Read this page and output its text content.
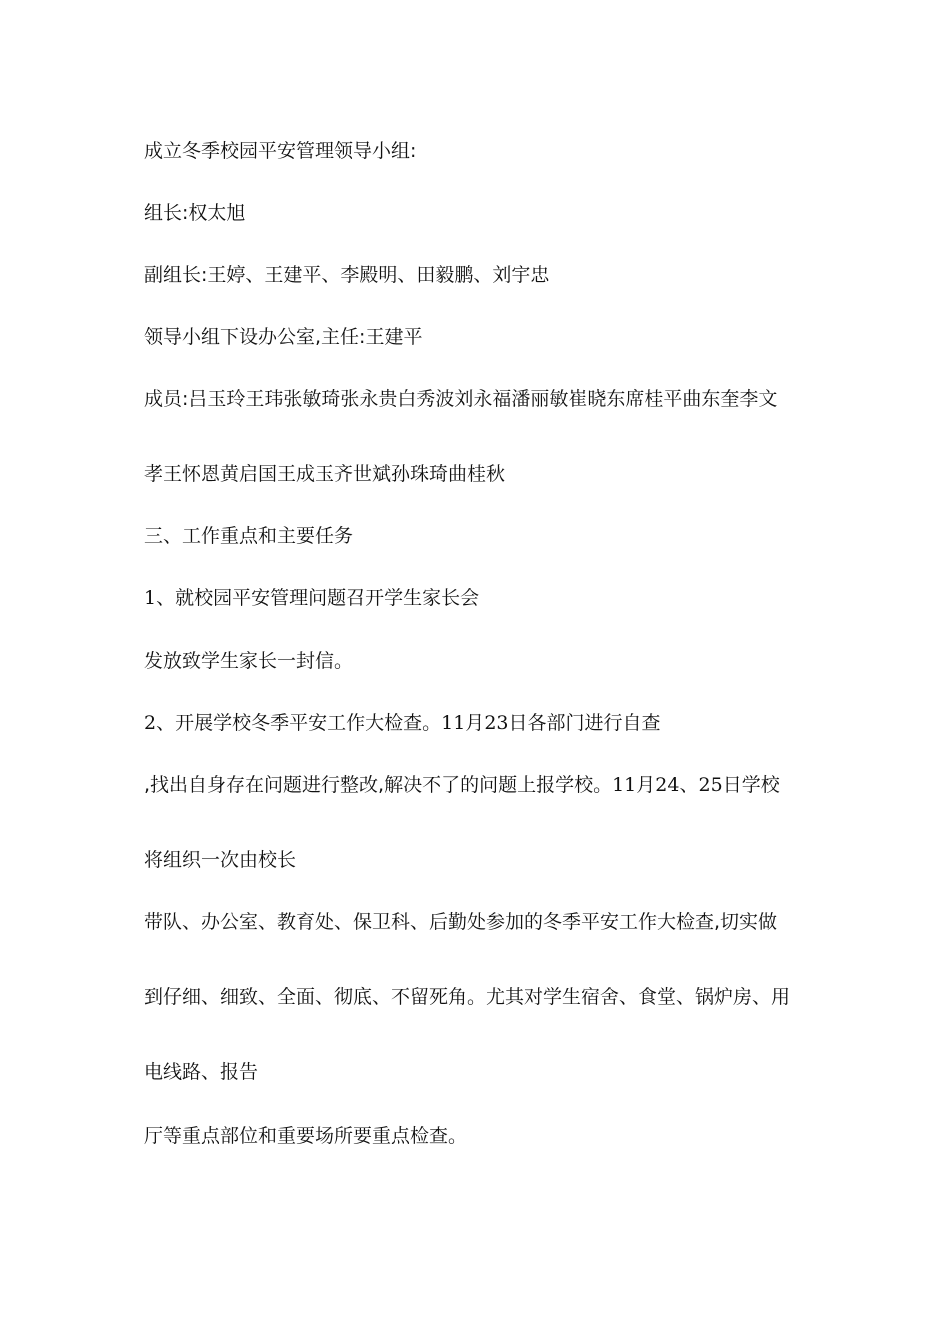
成立冬季校园平安管理领导小组:
组长:权太旭
副组长:王婷、王建平、李殿明、田毅鹏、刘宇忠
领导小组下设办公室,主任:王建平
成员:吕玉玲王玮张敏琦张永贵白秀波刘永福潘丽敏崔晓东席桂平曲东奎李文
孝王怀恩黄启国王成玉齐世斌孙珠琦曲桂秋
三、工作重点和主要任务
1、就校园平安管理问题召开学生家长会
发放致学生家长一封信。
2、开展学校冬季平安工作大检查。11月23日各部门进行自查
,找出自身存在问题进行整改,解决不了的问题上报学校。11月24、25日学校
将组织一次由校长
带队、办公室、教育处、保卫科、后勤处参加的冬季平安工作大检查,切实做
到仔细、细致、全面、彻底、不留死角。尤其对学生宿舍、食堂、锅炉房、用
电线路、报告
厅等重点部位和重要场所要重点检查。
